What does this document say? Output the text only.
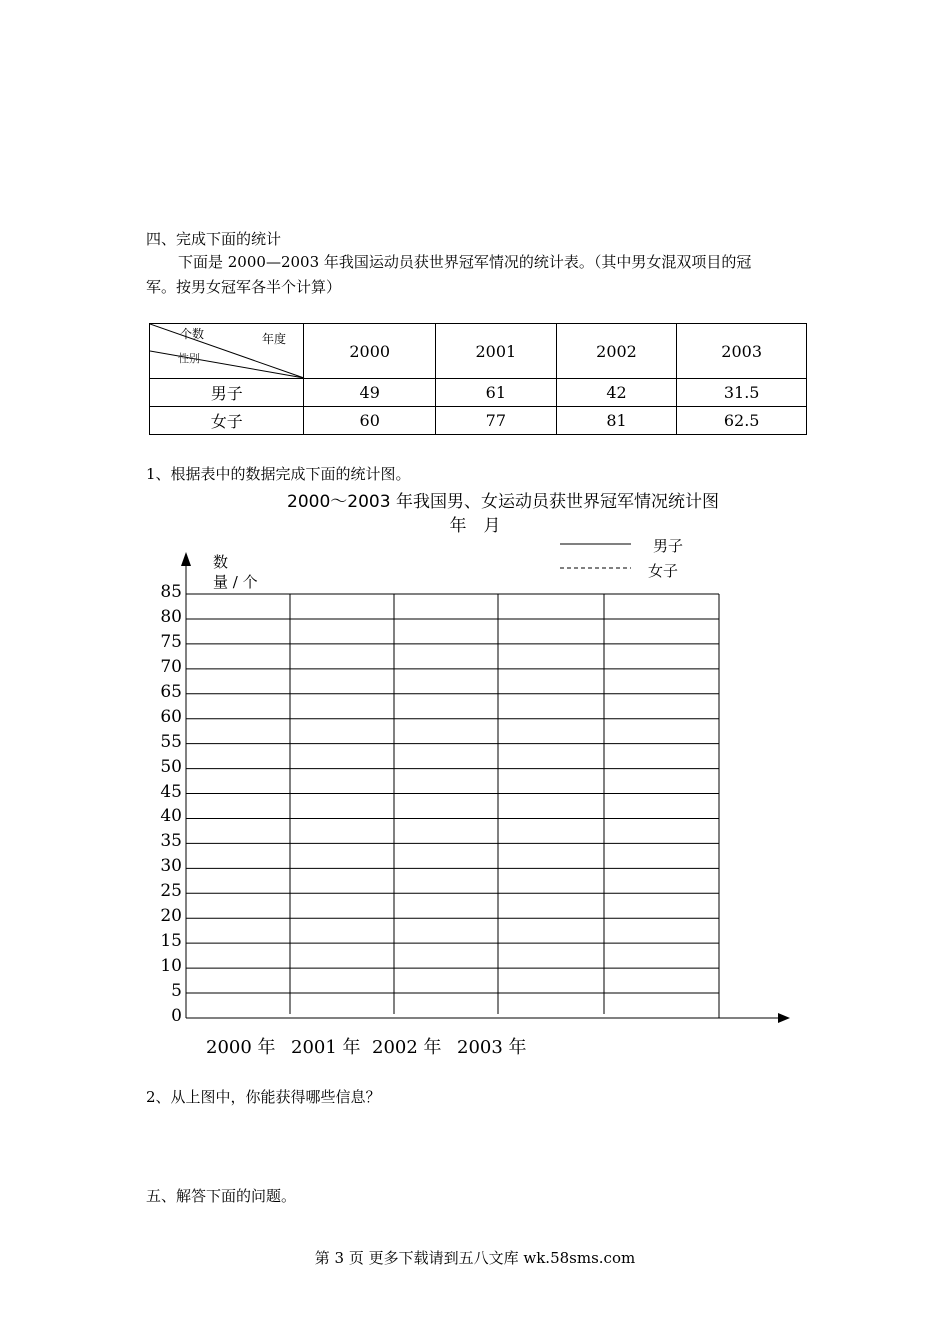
四、完成下面的统计
下面是 2000—2003 年我国运动员获世界冠军情况的统计表。（其中男女混双项目的冠
军。按男女冠军各半个计算）
个数 年度
性别	2000	2001	2002	2003
男子	49	61	42	31.5
女子	60	77	81	62.5
1、根据表中的数据完成下面的统计图。
2000～2003 年我国男、女运动员获世界冠军情况统计图
年　月
男子
女子
数
量 / 个
85
80
75
70
65
60
55
50
45
40
35
30
25
20
15
10
5
0
2000 年 2001 年 2002 年 2003 年
2、从上图中，你能获得哪些信息？
五、解答下面的问题。
第 3 页 更多下载请到五八文库 wk.58sms.com
